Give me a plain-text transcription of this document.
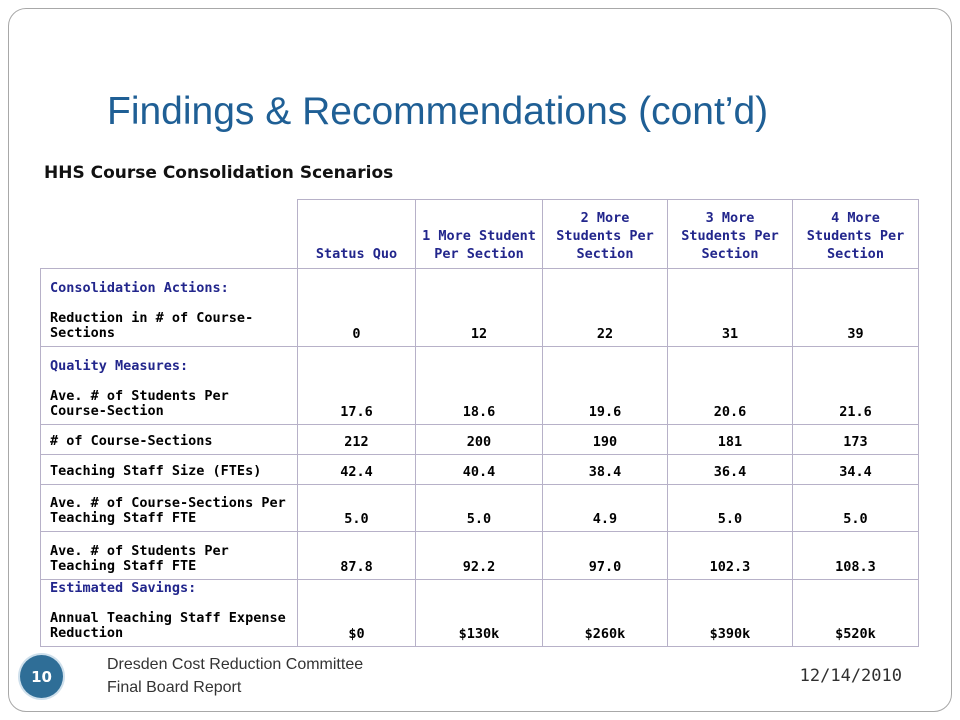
Findings & Recommendations (cont’d)
HHS Course Consolidation Scenarios
	Status Quo	1 More Student Per Section	2 More Students Per Section	3 More Students Per Section	4 More Students Per Section

Consolidation Actions:
Reduction in # of Course-Sections	0	12	22	31	39

Quality Measures:
Ave. # of Students Per Course-Section	17.6	18.6	19.6	20.6	21.6
# of Course-Sections	212	200	190	181	173
Teaching Staff Size (FTEs)	42.4	40.4	38.4	36.4	34.4
Ave. # of Course-Sections Per Teaching Staff FTE	5.0	5.0	4.9	5.0	5.0
Ave. # of Students Per Teaching Staff FTE	87.8	92.2	97.0	102.3	108.3

Estimated Savings:
Annual Teaching Staff Expense Reduction	$0	$130k	$260k	$390k	$520k
10
Dresden Cost Reduction Committee
Final Board Report
12/14/2010
